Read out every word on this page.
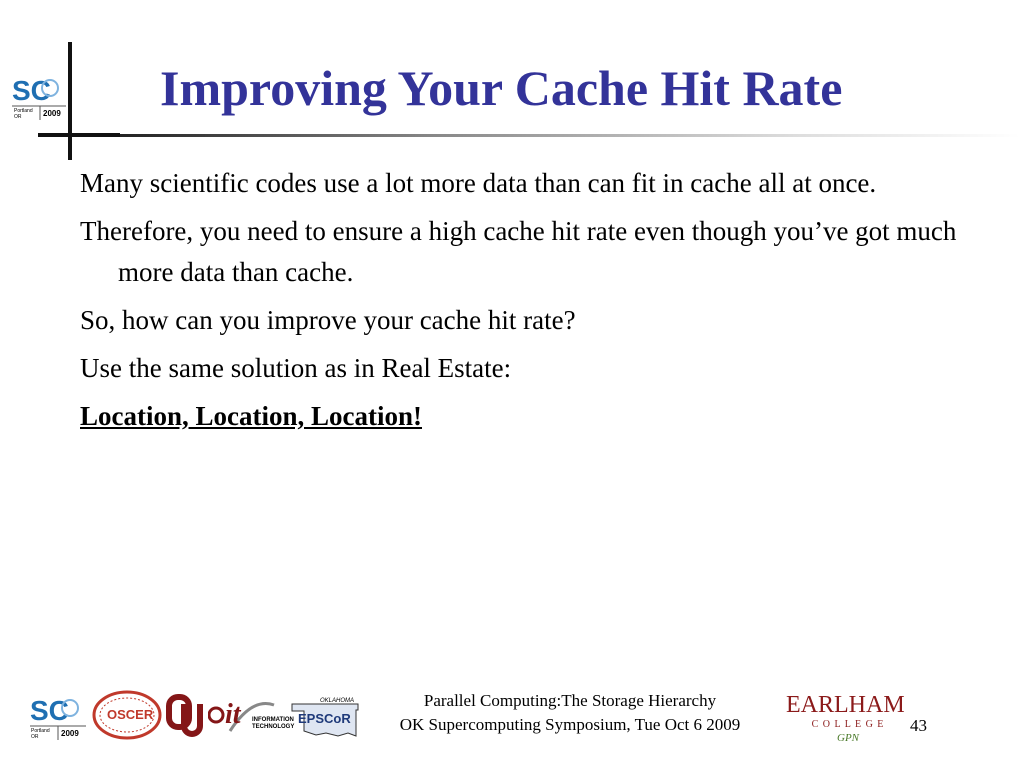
SC
Portland OR	2009 Improving Your Cache Hit Rate

Many scientific codes use a lot more data than can fit in cache all at once.

Therefore, you need to ensure a high cache hit rate even though you’ve got much more data than cache.

So, how can you improve your cache hit rate?

Use the same solution as in Real Estate:

Location, Location, Location!

SC
Portland OR	2009
OSCER	it INFORMATION
TECHNOLOGY
OKLAHOMA
EPSCoR
Parallel Computing:The Storage Hierarchy
OK Supercomputing Symposium, Tue Oct 6 2009
EARLHAM
C O L L E G E
GPN
43
